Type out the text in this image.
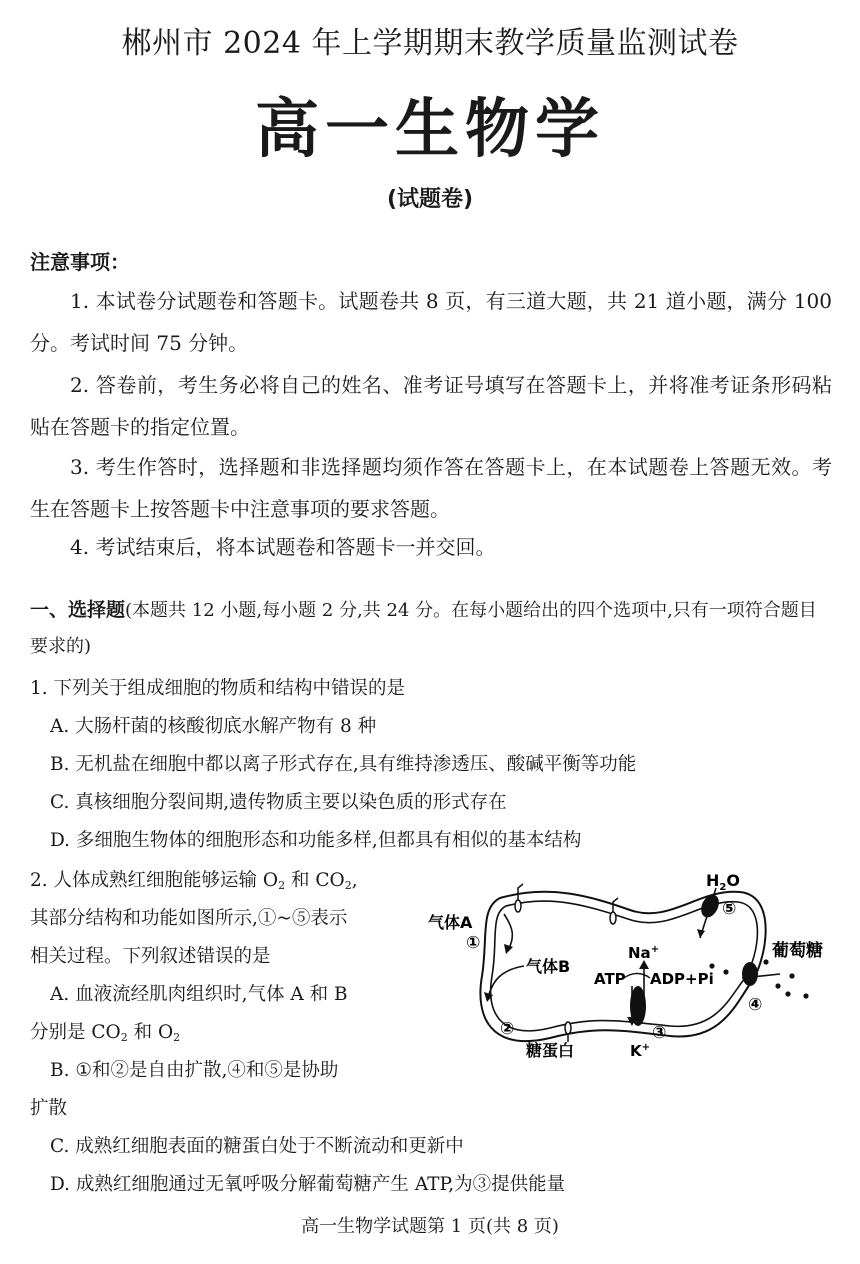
郴州市 2024 年上学期期末教学质量监测试卷
高一生物学
(试题卷)
注意事项：
1. 本试卷分试题卷和答题卡。试题卷共 8 页，有三道大题，共 21 道小题，满分 100 分。考试时间 75 分钟。
2. 答卷前，考生务必将自己的姓名、准考证号填写在答题卡上，并将准考证条形码粘贴在答题卡的指定位置。
3. 考生作答时，选择题和非选择题均须作答在答题卡上，在本试题卷上答题无效。考生在答题卡上按答题卡中注意事项的要求答题。
4. 考试结束后，将本试题卷和答题卡一并交回。
一、选择题(本题共 12 小题,每小题 2 分,共 24 分。在每小题给出的四个选项中,只有一项符合题目要求的)
1. 下列关于组成细胞的物质和结构中错误的是
A. 大肠杆菌的核酸彻底水解产物有 8 种
B. 无机盐在细胞中都以离子形式存在,具有维持渗透压、酸碱平衡等功能
C. 真核细胞分裂间期,遗传物质主要以染色质的形式存在
D. 多细胞生物体的细胞形态和功能多样,但都具有相似的基本结构
2. 人体成熟红细胞能够运输 $O_2$ 和 $CO_2$,
其部分结构和功能如图所示,①~⑤表示
相关过程。下列叙述错误的是
A. 血液流经肌肉组织时,气体 A 和 B
分别是 $CO_2$ 和 $O_2$
B. ①和②是自由扩散,④和⑤是协助
扩散
C. 成熟红细胞表面的糖蛋白处于不断流动和更新中
D. 成熟红细胞通过无氧呼吸分解葡萄糖产生 ATP,为③提供能量
气体A
①
气体B
②
糖蛋白
$H_2O$
⑤
葡萄糖
④
Na+
ATP ADP+Pi
③
K+
高一生物学试题第 1 页(共 8 页)
